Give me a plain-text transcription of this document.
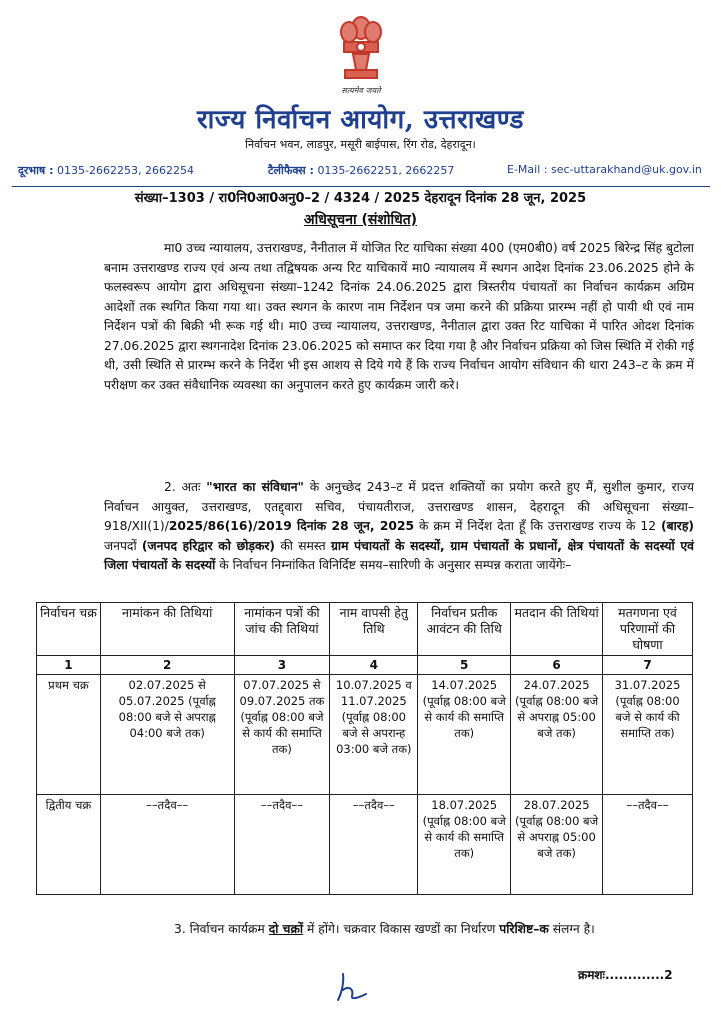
सत्यमेव जयते
राज्य निर्वाचन आयोग, उत्तराखण्ड
निर्वाचन भवन, लाडपुर, मसूरी बाईपास, रिंग रोड, देहरादून।
दूरभाष : 0135-2662253, 2662254	टैलीफैक्स : 0135-2662251, 2662257	E-Mail : sec-uttarakhand@uk.gov.in
संख्या–1303 / रा0नि0आ0अनु0–2 / 4324 / 2025 देहरादून दिनांक 28 जून, 2025
अधिसूचना (संशोधित)
मा0 उच्च न्यायालय, उत्तराखण्ड, नैनीताल में योजित रिट याचिका संख्या 400 (एम0बी0) वर्ष 2025 बिरेन्द्र सिंह बुटोला बनाम उत्तराखण्ड राज्य एवं अन्य तथा तद्विषयक अन्य रिट याचिकायें मा0 न्यायालय में स्थगन आदेश दिनांक 23.06.2025 होने के फलस्वरूप आयोग द्वारा अधिसूचना संख्या–1242 दिनांक 24.06.2025 द्वारा त्रिस्तरीय पंचायतों का निर्वाचन कार्यक्रम अग्रिम आदेशों तक स्थगित किया गया था। उक्त स्थगन के कारण नाम निर्देशन पत्र जमा करने की प्रक्रिया प्रारम्भ नहीं हो पायी थी एवं नाम निर्देशन पत्रों की बिक्री भी रूक गई थी। मा0 उच्च न्यायालय, उत्तराखण्ड, नैनीताल द्वारा उक्त रिट याचिका में पारित ओदश दिनांक 27.06.2025 द्वारा स्थगनादेश दिनांक 23.06.2025 को समाप्त कर दिया गया है और निर्वाचन प्रक्रिया को जिस स्थिति में रोकी गई थी, उसी स्थिति से प्रारम्भ करने के निर्देश भी इस आशय से दिये गये हैं कि राज्य निर्वाचन आयोग संविधान की धारा 243–ट के क्रम में परीक्षण कर उक्त संवैधानिक व्यवस्था का अनुपालन करते हुए कार्यक्रम जारी करे।
2. अतः "भारत का संविधान" के अनुच्छेद 243–ट में प्रदत्त शक्तियों का प्रयोग करते हुए मैं, सुशील कुमार, राज्य निर्वाचन आयुक्त, उत्तराखण्ड, एतद्द्वारा सचिव, पंचायतीराज, उत्तराखण्ड शासन, देहरादून की अधिसूचना संख्या–918/XII(1)/2025/86(16)/2019 दिनांक 28 जून, 2025 के क्रम में निर्देश देता हूँ कि उत्तराखण्ड राज्य के 12 (बारह) जनपदों (जनपद हरिद्वार को छोड़कर) की समस्त ग्राम पंचायतों के सदस्यों, ग्राम पंचायतों के प्रधानों, क्षेत्र पंचायतों के सदस्यों एवं जिला पंचायतों के सदस्यों के निर्वाचन निम्नांकित विनिर्दिष्ट समय–सारिणी के अनुसार सम्पन्न कराता जायेंगेः–
निर्वाचन चक्र	नामांकन की तिथियां	नामांकन पत्रों की जांच की तिथियां	नाम वापसी हेतु तिथि	निर्वाचन प्रतीक आवंटन की तिथि	मतदान की तिथियां	मतगणना एवं परिणामों की घोषणा
1	2	3	4	5	6	7
प्रथम चक्र	02.07.2025 से 05.07.2025 (पूर्वाह्न 08:00 बजे से अपराह्न 04:00 बजे तक)	07.07.2025 से 09.07.2025 तक (पूर्वाह्न 08:00 बजे से कार्य की समाप्ति तक)	10.07.2025 व 11.07.2025 (पूर्वाह्न 08:00 बजे से अपरान्ह 03:00 बजे तक)	14.07.2025 (पूर्वाह्न 08:00 बजे से कार्य की समाप्ति तक)	24.07.2025 (पूर्वाह्न 08:00 बजे से अपराह्न 05:00 बजे तक)	31.07.2025 (पूर्वाह्न 08:00 बजे से कार्य की समाप्ति तक)
द्वितीय चक्र	––तदैव––	––तदैव––	––तदैव––	18.07.2025 (पूर्वाह्न 08:00 बजे से कार्य की समाप्ति तक)	28.07.2025 (पूर्वाह्न 08:00 बजे से अपराह्न 05:00 बजे तक)	––तदैव––
3. निर्वाचन कार्यक्रम दो चक्रों में होंगे। चक्रवार विकास खण्डों का निर्धारण परिशिष्ट–क संलग्न है।
क्रमशः.............2
